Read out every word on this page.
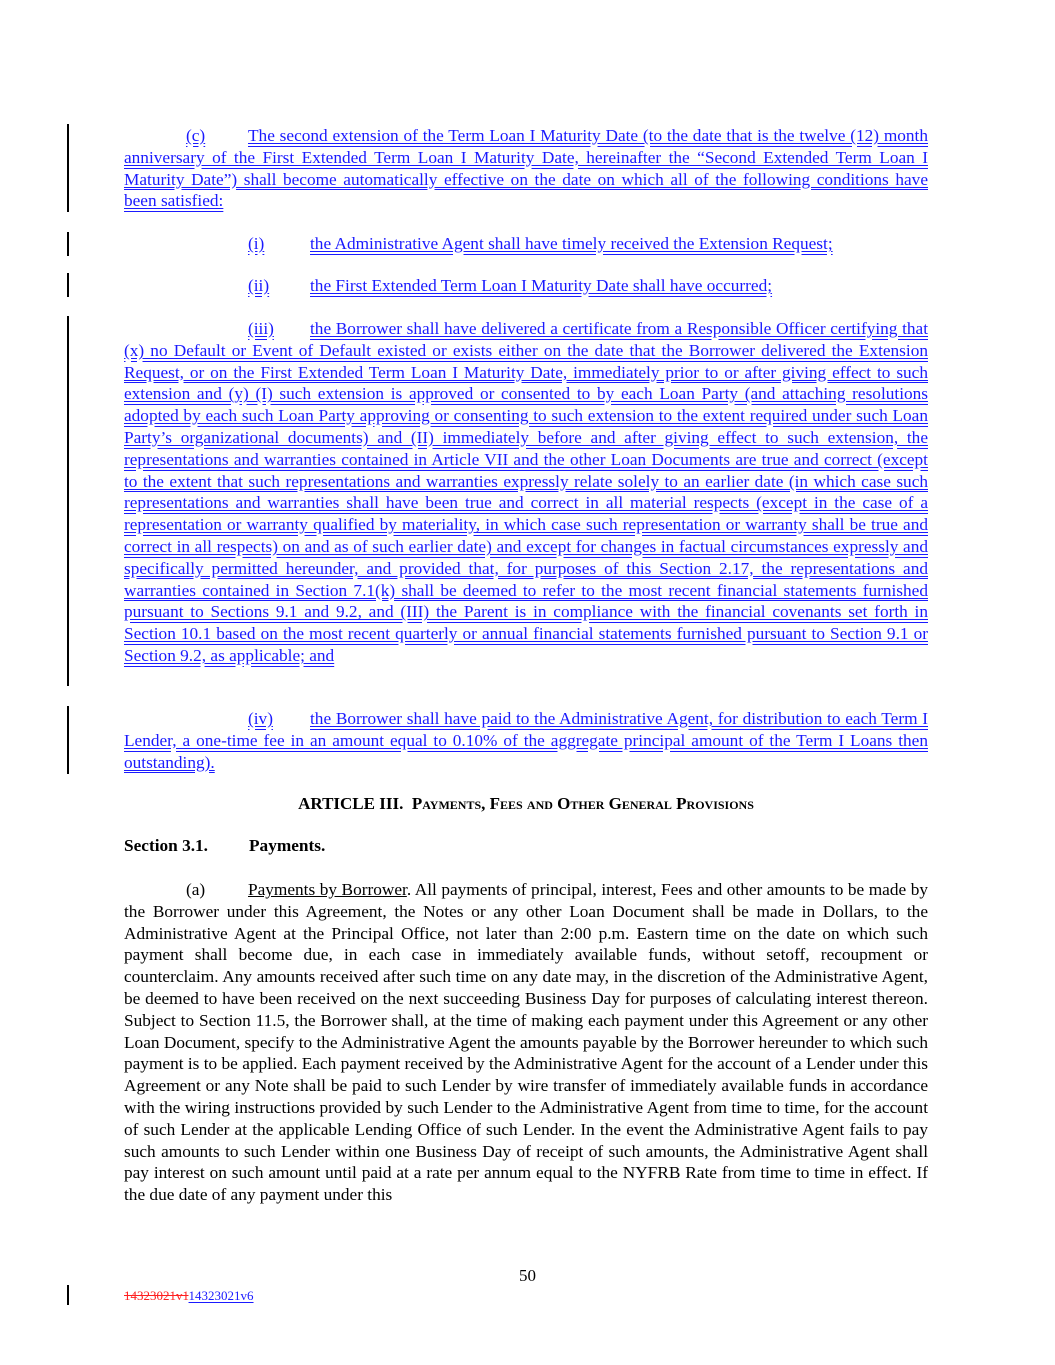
(c) The second extension of the Term Loan I Maturity Date (to the date that is the twelve (12) month anniversary of the First Extended Term Loan I Maturity Date, hereinafter the “Second Extended Term Loan I Maturity Date”) shall become automatically effective on the date on which all of the following conditions have been satisfied:
(i)	the Administrative Agent shall have timely received the Extension Request;
(ii) the First Extended Term Loan I Maturity Date shall have occurred;
(iii) the Borrower shall have delivered a certificate from a Responsible Officer certifying that (x) no Default or Event of Default existed or exists either on the date that the Borrower delivered the Extension Request, or on the First Extended Term Loan I Maturity Date, immediately prior to or after giving effect to such extension and (y) (I) such extension is approved or consented to by each Loan Party (and attaching resolutions adopted by each such Loan Party approving or consenting to such extension to the extent required under such Loan Party’s organizational documents) and (II) immediately before and after giving effect to such extension, the representations and warranties contained in Article VII and the other Loan Documents are true and correct (except to the extent that such representations and warranties expressly relate solely to an earlier date (in which case such representations and warranties shall have been true and correct in all material respects (except in the case of a representation or warranty qualified by materiality, in which case such representation or warranty shall be true and correct in all respects) on and as of such earlier date) and except for changes in factual circumstances expressly and specifically permitted hereunder, and provided that, for purposes of this Section 2.17, the representations and warranties contained in Section 7.1(k) shall be deemed to refer to the most recent financial statements furnished pursuant to Sections 9.1 and 9.2, and (III) the Parent is in compliance with the financial covenants set forth in Section 10.1 based on the most recent quarterly or annual financial statements furnished pursuant to Section 9.1 or Section 9.2, as applicable; and
(iv) the Borrower shall have paid to the Administrative Agent, for distribution to each Term I Lender, a one-time fee in an amount equal to 0.10% of the aggregate principal amount of the Term I Loans then outstanding).
ARTICLE III. Payments, Fees and Other General Provisions
Section 3.1. Payments.
(a) Payments by Borrower. All payments of principal, interest, Fees and other amounts to be made by the Borrower under this Agreement, the Notes or any other Loan Document shall be made in Dollars, to the Administrative Agent at the Principal Office, not later than 2:00 p.m. Eastern time on the date on which such payment shall become due, in each case in immediately available funds, without setoff, recoupment or counterclaim. Any amounts received after such time on any date may, in the discretion of the Administrative Agent, be deemed to have been received on the next succeeding Business Day for purposes of calculating interest thereon. Subject to Section 11.5, the Borrower shall, at the time of making each payment under this Agreement or any other Loan Document, specify to the Administrative Agent the amounts payable by the Borrower hereunder to which such payment is to be applied. Each payment received by the Administrative Agent for the account of a Lender under this Agreement or any Note shall be paid to such Lender by wire transfer of immediately available funds in accordance with the wiring instructions provided by such Lender to the Administrative Agent from time to time, for the account of such Lender at the applicable Lending Office of such Lender. In the event the Administrative Agent fails to pay such amounts to such Lender within one Business Day of receipt of such amounts, the Administrative Agent shall pay interest on such amount until paid at a rate per annum equal to the NYFRB Rate from time to time in effect. If the due date of any payment under this
50
14323021v114323021v6
